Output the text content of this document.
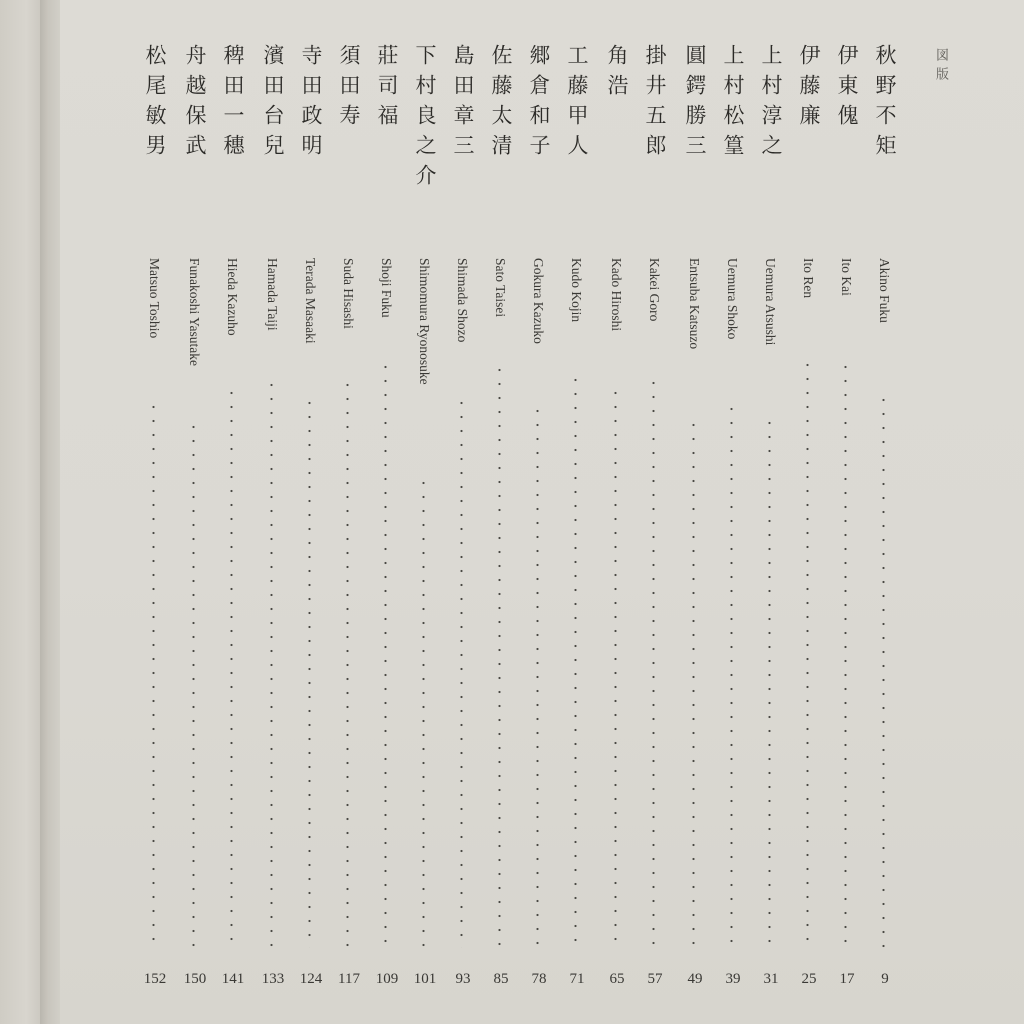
図版
秋野不矩
Akino Fuku
9
伊東傀
Ito Kai
17
伊藤廉
Ito Ren
25
上村淳之
Uemura Atsushi
31
上村松篁
Uemura Shoko
39
圓鍔勝三
Entsuba Katsuzo
49
掛井五郎
Kakei Goro
57
角浩
Kado Hiroshi
65
工藤甲人
Kudo Kojin
71
郷倉和子
Gokura Kazuko
78
佐藤太清
Sato Taisei
85
島田章三
Shimada Shozo
93
下村良之介
Shimomura Ryonosuke
101
莊司福
Shoji Fuku
109
須田寿
Suda Hisashi
117
寺田政明
Terada Masaaki
124
濱田台兒
Hamada Taiji
133
稗田一穗
Hieda Kazuho
141
舟越保武
Funakoshi Yasutake
150
松尾敏男
Matsuo Toshio
152
